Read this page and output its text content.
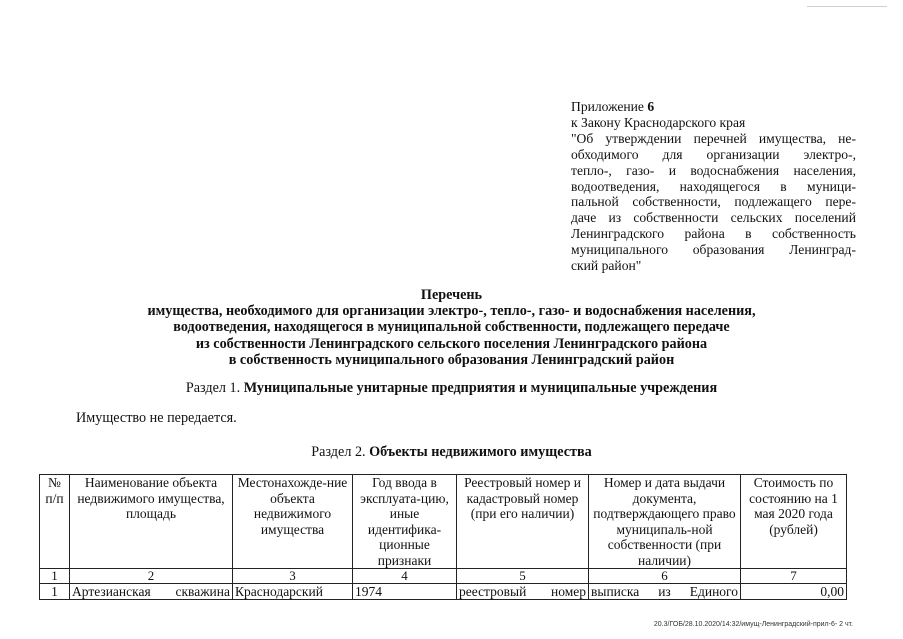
Приложение 6
к Закону Краснодарского края
"Об утверждении перечней имущества, не-
обходимого для организации электро-,
тепло-, газо- и водоснабжения населения,
водоотведения, находящегося в муници-
пальной собственности, подлежащего пере-
даче из собственности сельских поселений
Ленинградского района в собственность
муниципального образования Ленинград-
ский район"
Перечень
имущества, необходимого для организации электро-, тепло-, газо- и водоснабжения населения,
водоотведения, находящегося в муниципальной собственности, подлежащего передаче
из собственности Ленинградского сельского поселения Ленинградского района
в собственность муниципального образования Ленинградский район
Раздел 1. Муниципальные унитарные предприятия и муниципальные учреждения
Имущество не передается.
Раздел 2. Объекты недвижимого имущества
№ п/п	Наименование объекта недвижимого имущества, площадь	Местонахожде-ние объекта недвижимого имущества	Год ввода в эксплуата-цию, иные идентифика-ционные признаки	Реестровый номер и кадастровый номер (при его наличии)	Номер и дата выдачи документа, подтверждающего право муниципаль-ной собственности (при наличии)	Стоимость по состоянию на 1 мая 2020 года (рублей)
1	2	3	4	5	6	7
1	Артезианская скважина	Краснодарский	1974	реестровый номер	выписка из Единого	0,00
20.3/ГОБ/28.10.2020/14:32/имущ-Ленинградский-прил-6- 2 чт.
